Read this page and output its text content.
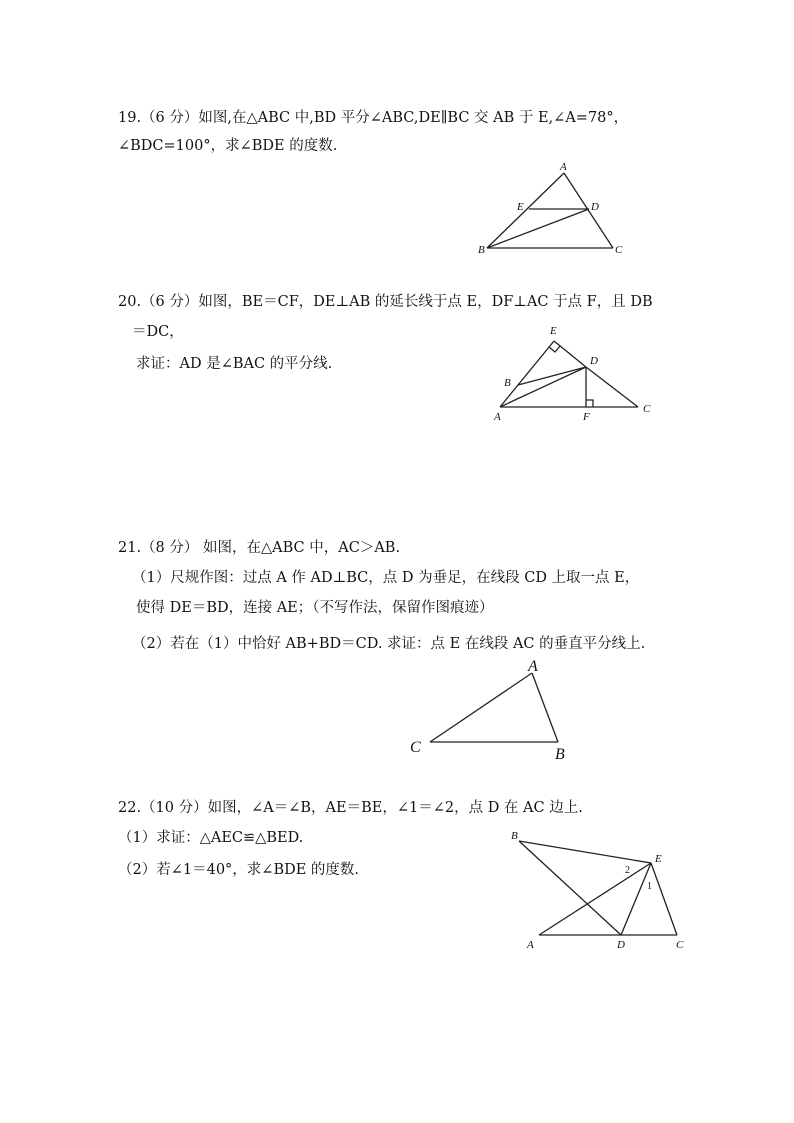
19.（6 分）如图,在△ABC 中,BD 平分∠ABC,DE∥BC 交 AB 于 E,∠A=78°，
∠BDC=100°，求∠BDE 的度数.
A
E	D
B	C
20.（6 分）如图，BE＝CF，DE⊥AB 的延长线于点 E，DF⊥AC 于点 F，且 DB
＝DC，
求证：AD 是∠BAC 的平分线.
E
D
B
A	F
C
21.（8 分） 如图，在△ABC 中，AC＞AB.
（1）尺规作图：过点 A 作 AD⊥BC，点 D 为垂足，在线段 CD 上取一点 E，
使得 DE＝BD，连接 AE；（不写作法，保留作图痕迹）
（2）若在（1）中恰好 AB+BD＝CD. 求证：点 E 在线段 AC 的垂直平分线上.
A
C	B
22.（10 分）如图，∠A＝∠B，AE＝BE，∠1＝∠2，点 D 在 AC 边上.
（1）求证：△AEC≌△BED.
（2）若∠1＝40°，求∠BDE 的度数.
B
E
2
1
A	D	C
